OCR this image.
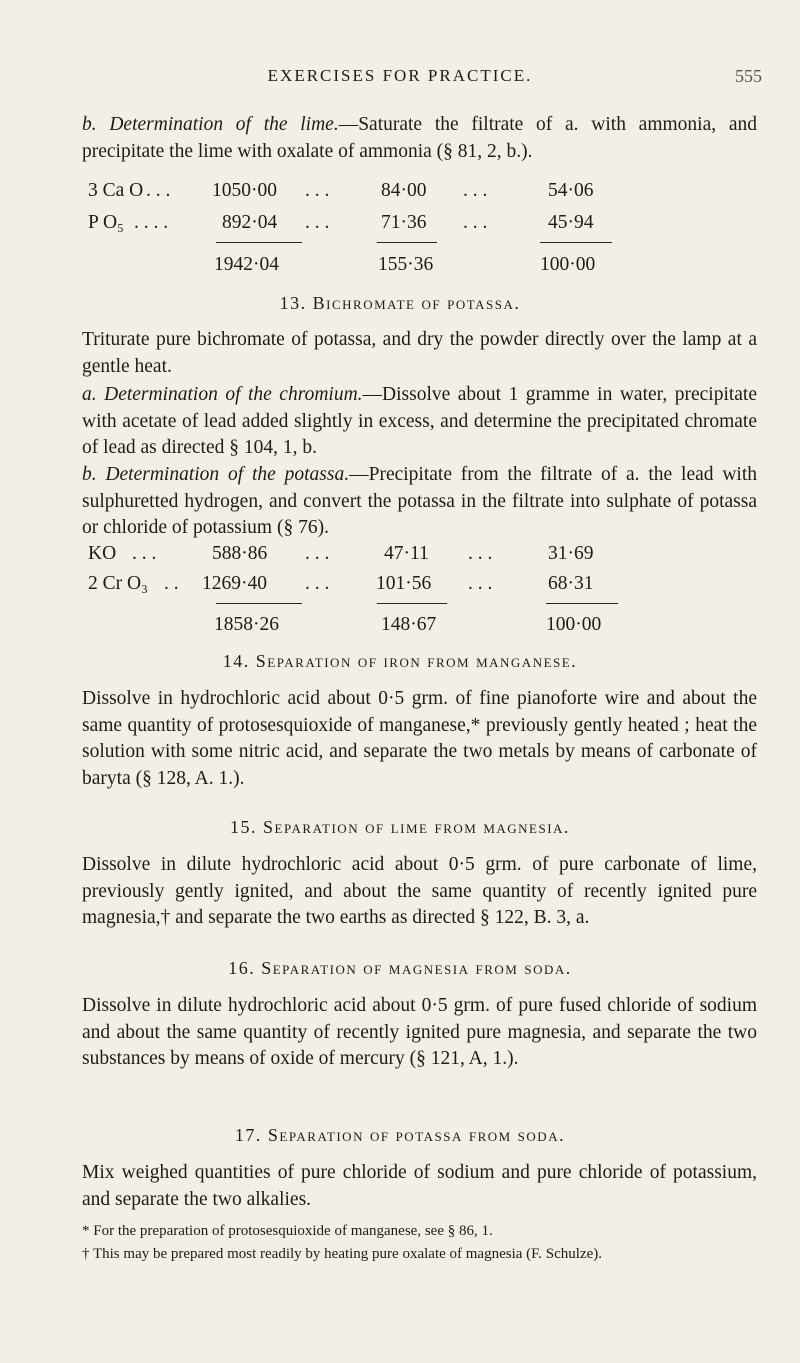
EXERCISES FOR PRACTICE.	555
b. Determination of the lime.—Saturate the filtrate of a. with ammonia, and precipitate the lime with oxalate of ammonia (§ 81, 2, b.).
3 Ca O . . . 1050·00 . . .	84·00 . . .	54·06
P O₅ . . . .	892·04 . . .	71·36 . . .	45·94
1942·04	155·36	100·00
13. Bichromate of potassa.
Triturate pure bichromate of potassa, and dry the powder directly over the lamp at a gentle heat.
a. Determination of the chromium.—Dissolve about 1 gramme in water, precipitate with acetate of lead added slightly in excess, and determine the precipitated chromate of lead as directed § 104, 1, b.
b. Determination of the potassa.—Precipitate from the filtrate of a. the lead with sulphuretted hydrogen, and convert the potassa in the filtrate into sulphate of potassa or chloride of potassium (§ 76).
KO . . .	588·86 . . .	47·11 . . .	31·69
2 Cr O₃ . . 1269·40 . . . 101·56 . . .	68·31
1858·26	148·67	100·00
14. Separation of iron from manganese.
Dissolve in hydrochloric acid about 0·5 grm. of fine pianoforte wire and about the same quantity of protosesquioxide of manganese,* previously gently heated ; heat the solution with some nitric acid, and separate the two metals by means of carbonate of baryta (§ 128, A. 1.).
15. Separation of lime from magnesia.
Dissolve in dilute hydrochloric acid about 0·5 grm. of pure carbonate of lime, previously gently ignited, and about the same quantity of recently ignited pure magnesia,† and separate the two earths as directed § 122, B. 3, a.
16. Separation of magnesia from soda.
Dissolve in dilute hydrochloric acid about 0·5 grm. of pure fused chloride of sodium and about the same quantity of recently ignited pure magnesia, and separate the two substances by means of oxide of mercury (§ 121, A, 1.).
17. Separation of potassa from soda.
Mix weighed quantities of pure chloride of sodium and pure chloride of potassium, and separate the two alkalies.
* For the preparation of protosesquioxide of manganese, see § 86, 1.
† This may be prepared most readily by heating pure oxalate of magnesia (F. Schulze).
